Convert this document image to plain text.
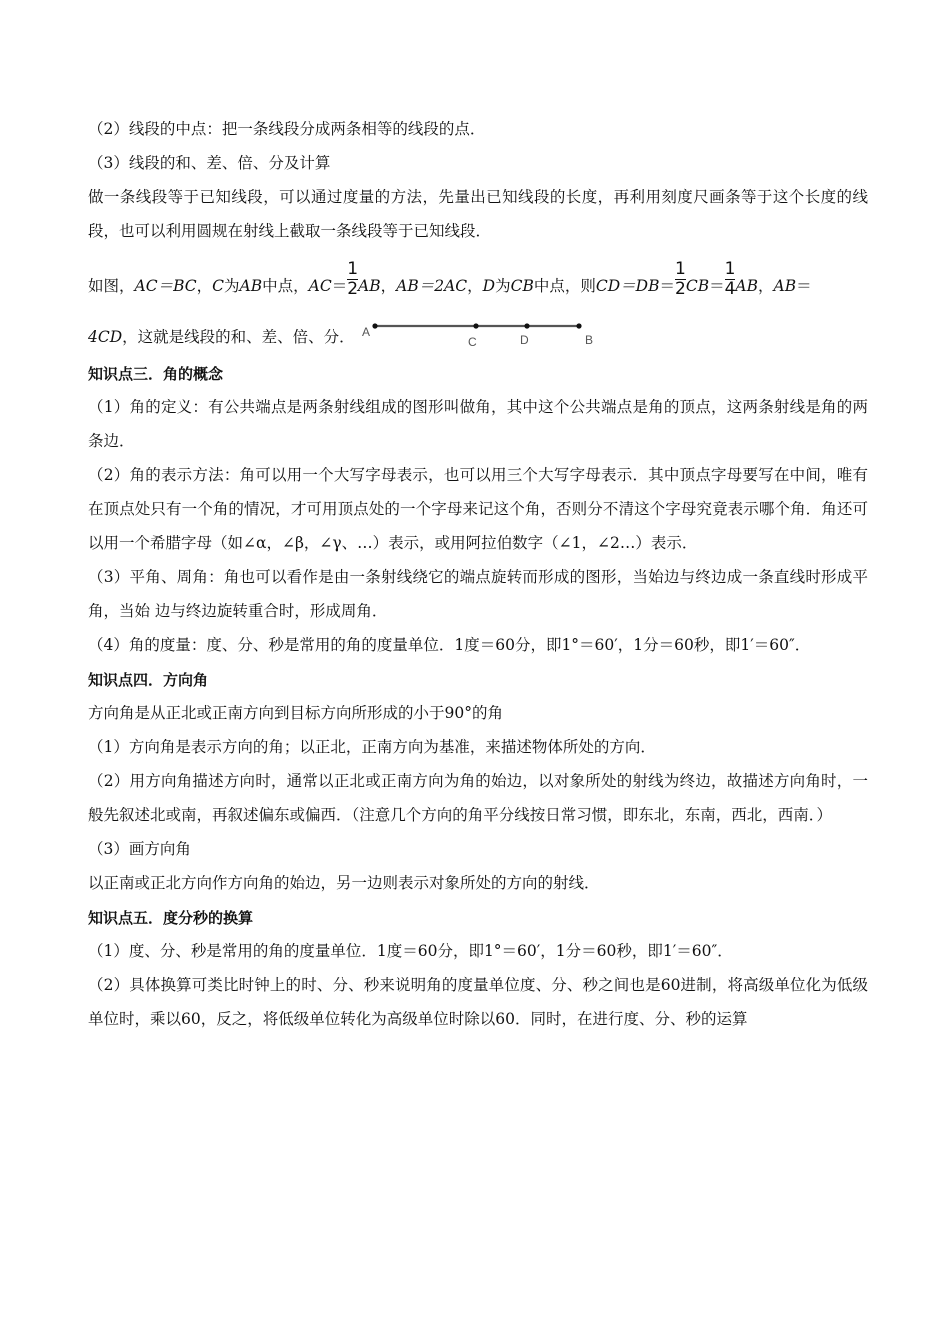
（2）线段的中点：把一条线段分成两条相等的线段的点．

（3）线段的和、差、倍、分及计算

做一条线段等于已知线段，可以通过度量的方法，先量出已知线段的长度，再利用刻度尺画条等于这个长度的线段，也可以利用圆规在射线上截取一条线段等于已知线段．

如图，AC＝BC，C为AB中点，$AC= \frac{1}{2}$ AB，AB＝2AC，D为CB中点，则$CD=DB= \frac{1}{2} CB= \frac{1}{4}$ AB，AB＝
4CD，这就是线段的和、差、倍、分． A
C	D	B

知识点三．角的概念

（1）角的定义：有公共端点是两条射线组成的图形叫做角，其中这个公共端点是角的顶点，这两条射线是角的两条边．

（2）角的表示方法：角可以用一个大写字母表示，也可以用三个大写字母表示．其中顶点字母要写在中间，唯有在顶点处只有一个角的情况，才可用顶点处的一个字母来记这个角，否则分不清这个字母究竟表示哪个角．角还可以用一个希腊字母（如∠α，∠β，∠γ、…）表示，或用阿拉伯数字（∠1，∠2…）表示．

（3）平角、周角：角也可以看作是由一条射线绕它的端点旋转而形成的图形，当始边与终边成一条直线时形成平角，当始 边与终边旋转重合时，形成周角．

（4）角的度量：度、分、秒是常用的角的度量单位．1度＝60分，即1°＝60′，1分＝60秒，即1′＝60″．

知识点四．方向角

方向角是从正北或正南方向到目标方向所形成的小于90°的角

（1）方向角是表示方向的角；以正北，正南方向为基准，来描述物体所处的方向．

（2）用方向角描述方向时，通常以正北或正南方向为角的始边，以对象所处的射线为终边，故描述方向角时，一般先叙述北或南，再叙述偏东或偏西．（注意几个方向的角平分线按日常习惯，即东北，东南，西北，西南．）

（3）画方向角

以正南或正北方向作方向角的始边，另一边则表示对象所处的方向的射线．

知识点五．度分秒的换算

（1）度、分、秒是常用的角的度量单位．1度＝60分，即1°＝60′，1分＝60秒，即1′＝60″．

（2）具体换算可类比时钟上的时、分、秒来说明角的度量单位度、分、秒之间也是60进制，将高级单位化为低级单位时，乘以60，反之，将低级单位转化为高级单位时除以60．同时，在进行度、分、秒的运算
